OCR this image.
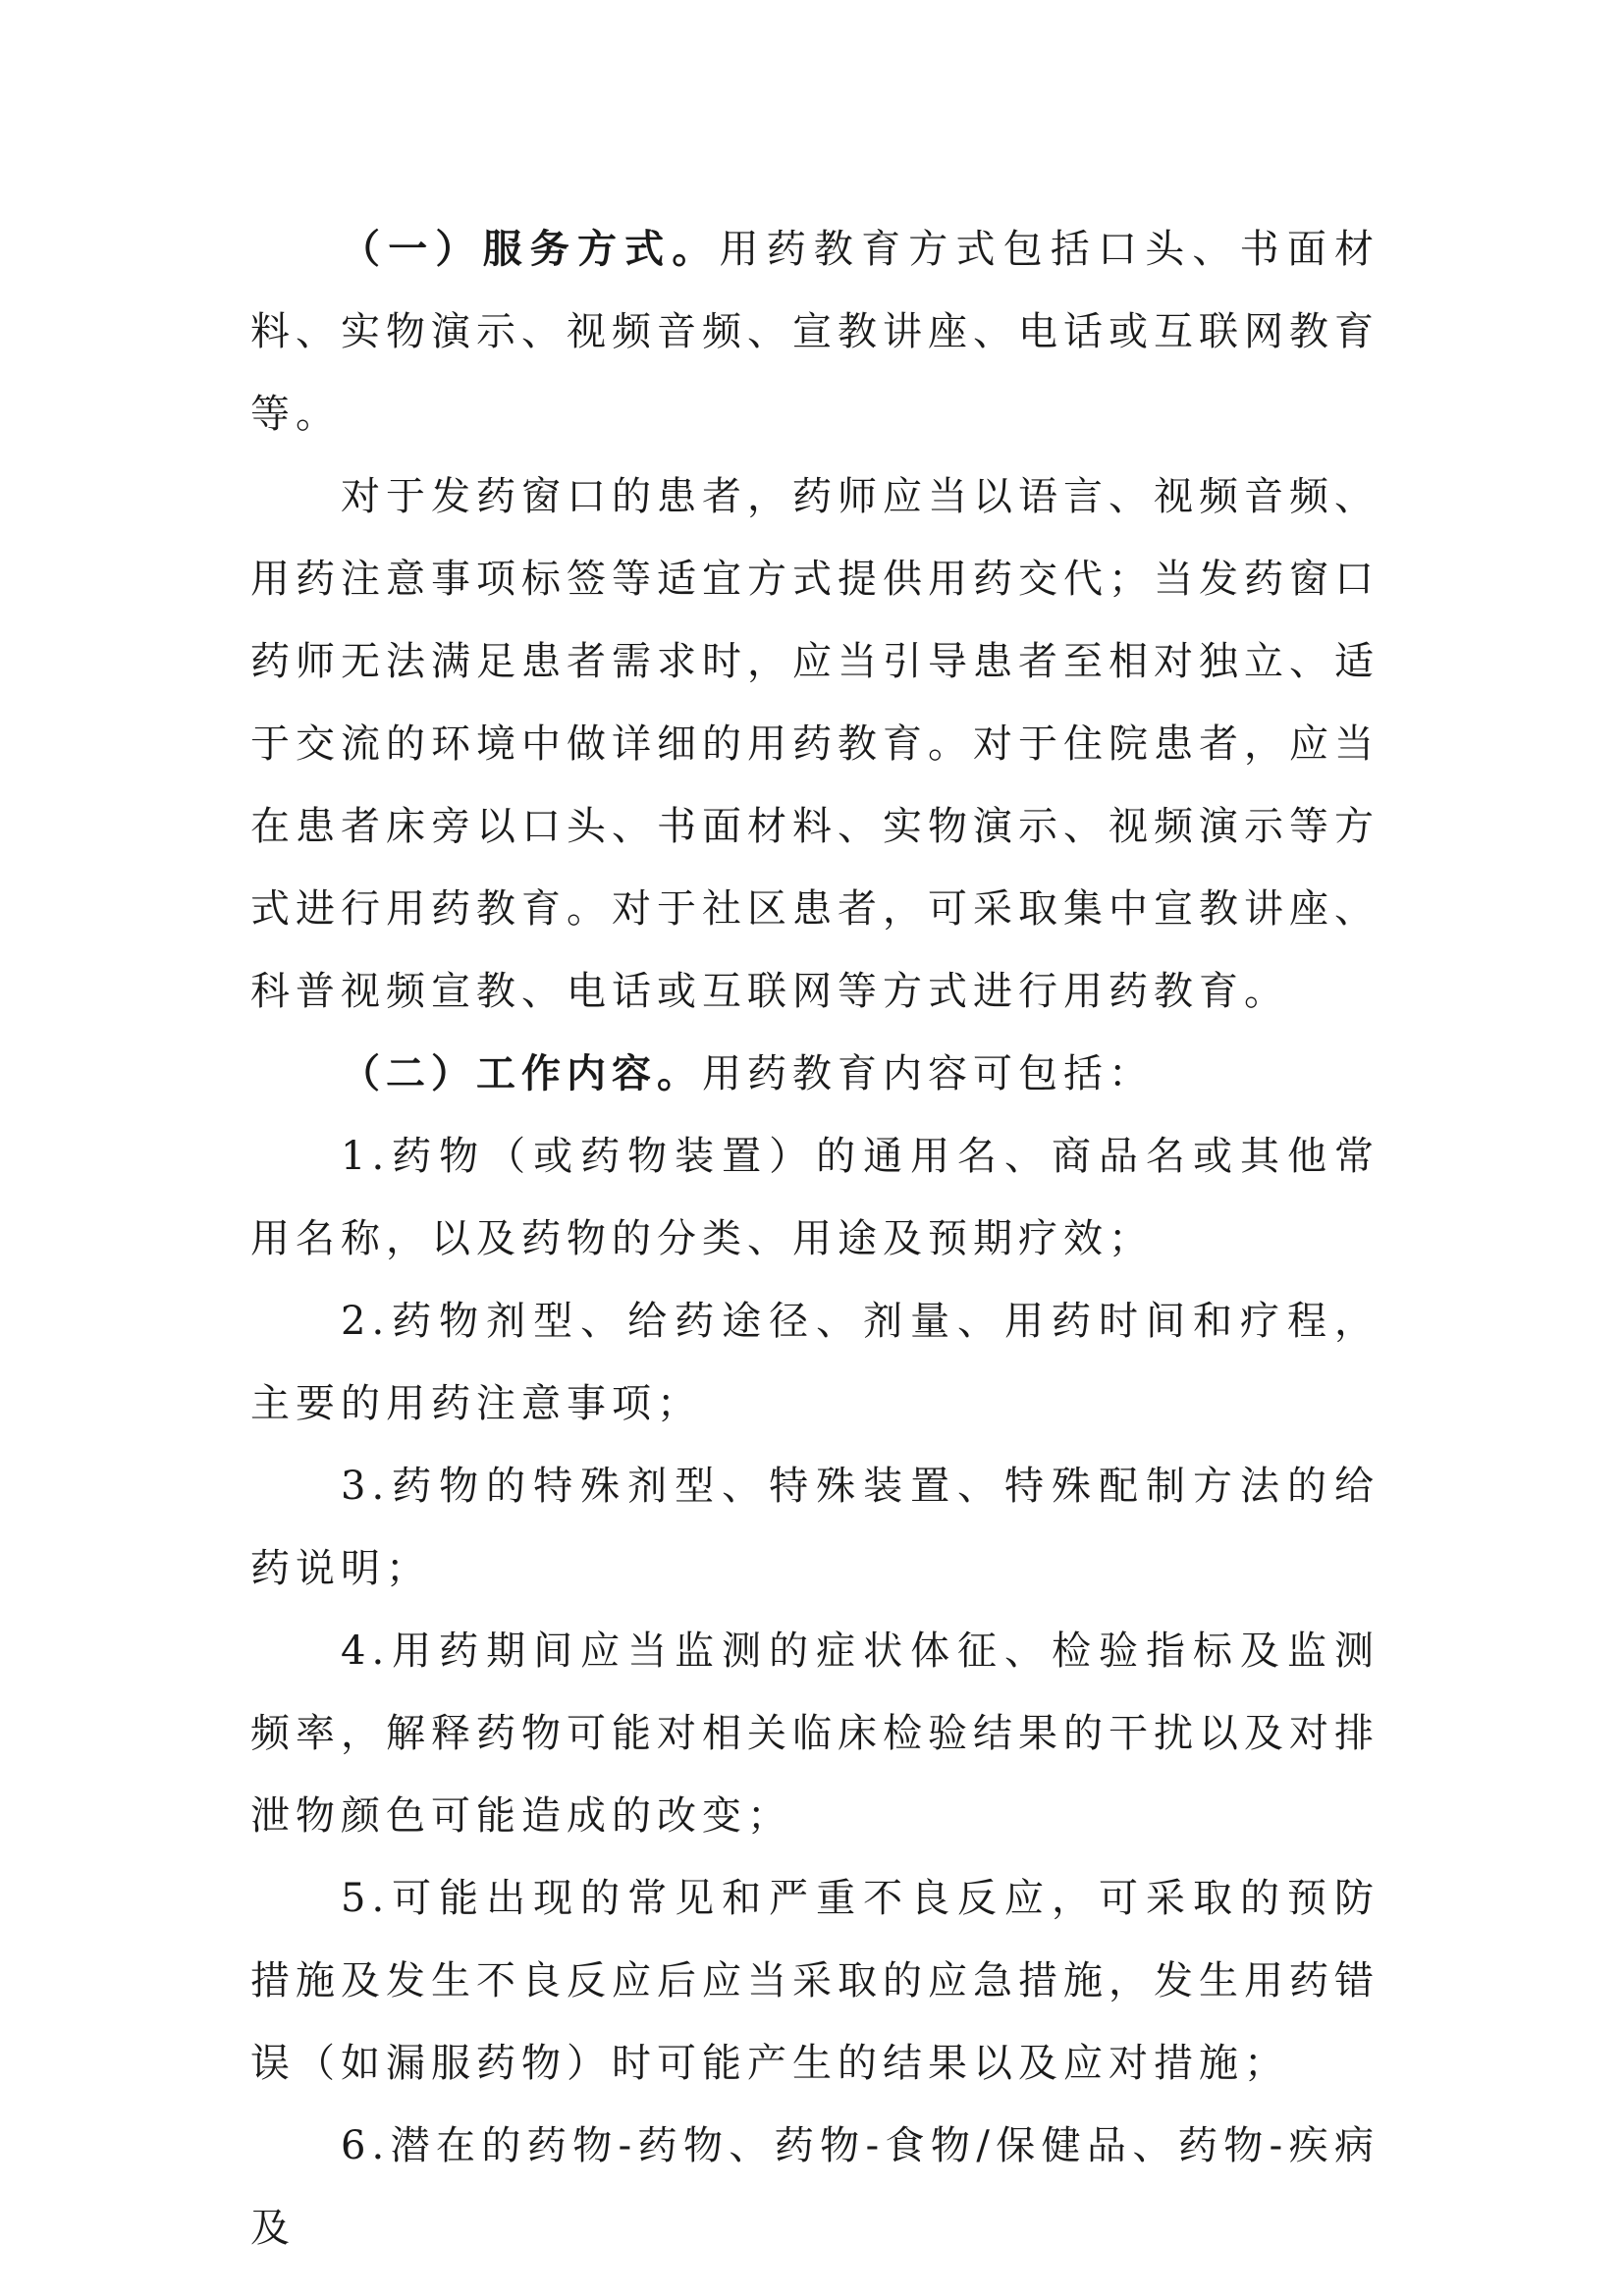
（一）服务方式。用药教育方式包括口头、书面材料、实物演示、视频音频、宣教讲座、电话或互联网教育等。

对于发药窗口的患者，药师应当以语言、视频音频、用药注意事项标签等适宜方式提供用药交代；当发药窗口药师无法满足患者需求时，应当引导患者至相对独立、适于交流的环境中做详细的用药教育。对于住院患者，应当在患者床旁以口头、书面材料、实物演示、视频演示等方式进行用药教育。对于社区患者，可采取集中宣教讲座、科普视频宣教、电话或互联网等方式进行用药教育。

（二）工作内容。用药教育内容可包括：

1.药物（或药物装置）的通用名、商品名或其他常用名称，以及药物的分类、用途及预期疗效；

2.药物剂型、给药途径、剂量、用药时间和疗程，主要的用药注意事项；

3.药物的特殊剂型、特殊装置、特殊配制方法的给药说明；

4.用药期间应当监测的症状体征、检验指标及监测频率，解释药物可能对相关临床检验结果的干扰以及对排泄物颜色可能造成的改变；

5.可能出现的常见和严重不良反应，可采取的预防措施及发生不良反应后应当采取的应急措施，发生用药错误（如漏服药物）时可能产生的结果以及应对措施；

6.潜在的药物-药物、药物-食物/保健品、药物-疾病及
